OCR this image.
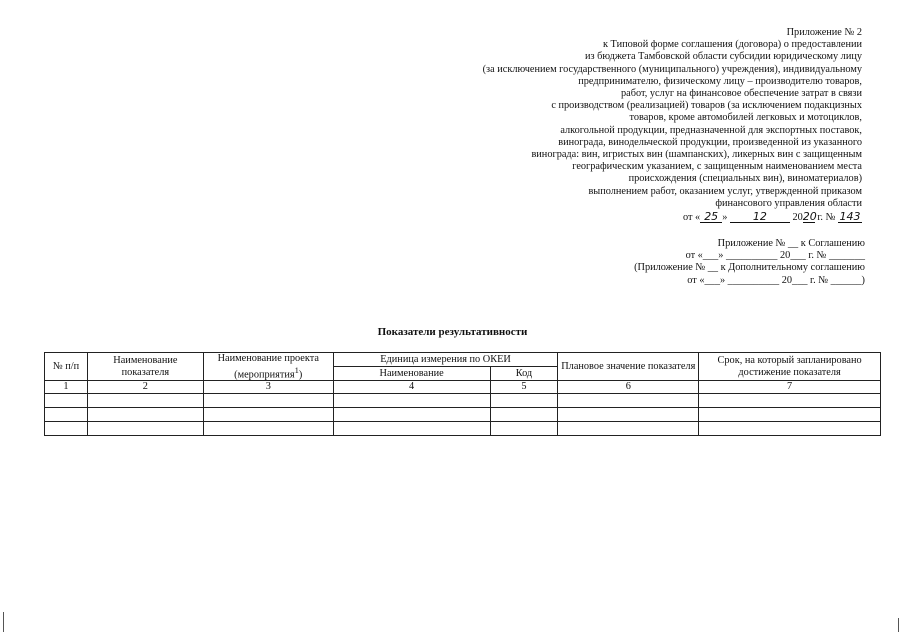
Приложение № 2
к Типовой форме соглашения (договора) о предоставлении
из бюджета Тамбовской области субсидии юридическому лицу
(за исключением государственного (муниципального) учреждения), индивидуальному
предпринимателю, физическому лицу – производителю товаров,
работ, услуг на финансовое обеспечение затрат в связи
с производством (реализацией) товаров (за исключением подакцизных
товаров, кроме автомобилей легковых и мотоциклов,
алкогольной продукции, предназначенной для экспортных поставок,
винограда, винодельческой продукции, произведенной из указанного
винограда: вин, игристых вин (шампанских), ликерных вин с защищенным
географическим указанием, с защищенным наименованием места
происхождения (специальных вин), виноматериалов)
выполнением работ, оказанием услуг, утвержденной приказом
финансового управления области
от « 25 » 12 2020 г. № 143
Приложение № __ к Соглашению
от «___» __________ 20___ г. № _______
(Приложение № __ к Дополнительному соглашению
от «___» __________ 20___ г. № ______)
Показатели результативности
№ п/п	Наименование показателя	Наименование проекта (мероприятия$^1$)	Единица измерения по ОКЕИ		Плановое значение показателя	Срок, на который запланировано достижение показателя
			Наименование	Код		
1	2	3	4	5	6	7
